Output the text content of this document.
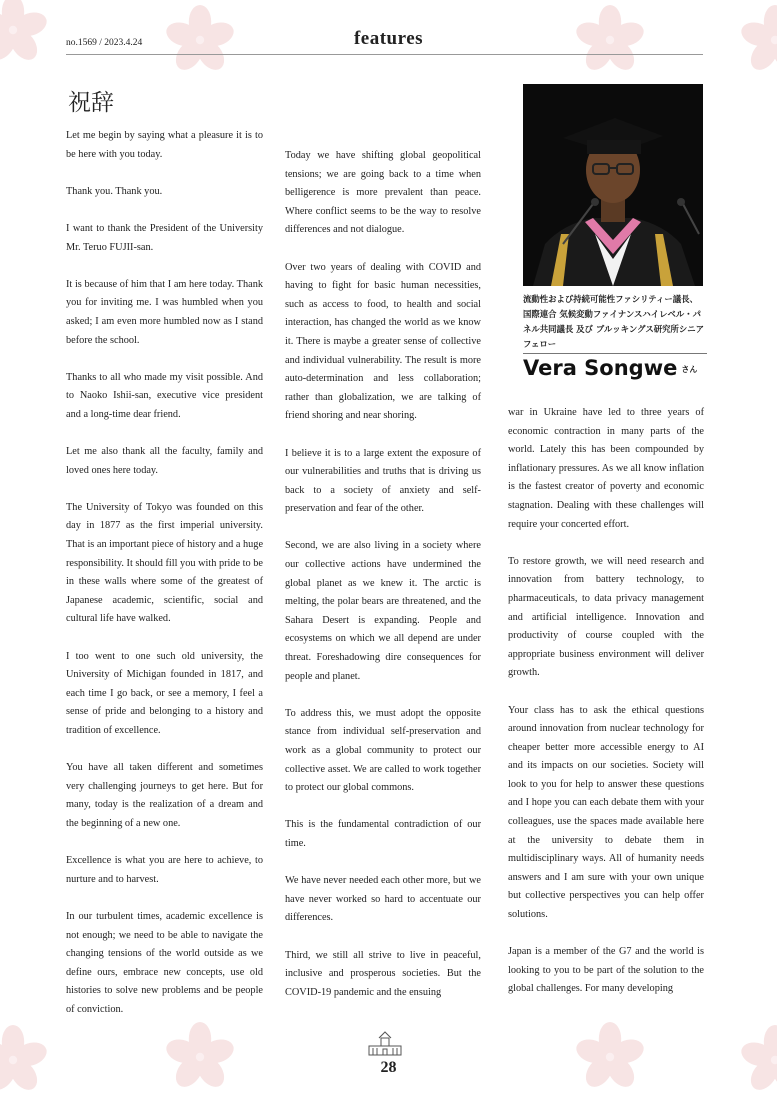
no.1569 / 2023.4.24	features
祝辞

Let me begin by saying what a pleasure it is to be here with you today.

Thank you. Thank you.

I want to thank the President of the University Mr. Teruo FUJII-san.

It is because of him that I am here today. Thank you for inviting me. I was humbled when you asked; I am even more humbled now as I stand before the school.

Thanks to all who made my visit possible. And to Naoko Ishii-san, executive vice president and a long-time dear friend.

Let me also thank all the faculty, family and loved ones here today.

The University of Tokyo was founded on this day in 1877 as the first imperial university. That is an important piece of history and a huge responsibility. It should fill you with pride to be in these walls where some of the greatest of Japanese academic, scientific, social and cultural life have walked.

I too went to one such old university, the University of Michigan founded in 1817, and each time I go back, or see a memory, I feel a sense of pride and belonging to a history and tradition of excellence.

You have all taken different and sometimes very challenging journeys to get here. But for many, today is the realization of a dream and the beginning of a new one.

Excellence is what you are here to achieve, to nurture and to harvest.

In our turbulent times, academic excellence is not enough; we need to be able to navigate the changing tensions of the world outside as we define ours, embrace new concepts, use old histories to solve new problems and be people of conviction.

Today we have shifting global geopolitical tensions; we are going back to a time when belligerence is more prevalent than peace. Where conflict seems to be the way to resolve differences and not dialogue.

Over two years of dealing with COVID and having to fight for basic human necessities, such as access to food, to health and social interaction, has changed the world as we know it. There is maybe a greater sense of collective and individual vulnerability. The result is more auto-determination and less collaboration; rather than globalization, we are talking of friend shoring and near shoring.

I believe it is to a large extent the exposure of our vulnerabilities and truths that is driving us back to a society of anxiety and self-preservation and fear of the other.

Second, we are also living in a society where our collective actions have undermined the global planet as we knew it. The arctic is melting, the polar bears are threatened, and the Sahara Desert is expanding. People and ecosystems on which we all depend are under threat. Foreshadowing dire consequences for people and planet.

To address this, we must adopt the opposite stance from individual self-preservation and work as a global community to protect our collective asset. We are called to work together to protect our global commons.

This is the fundamental contradiction of our time.

We have never needed each other more, but we have never worked so hard to accentuate our differences.

Third, we still all strive to live in peaceful, inclusive and prosperous societies. But the COVID-19 pandemic and the ensuing

流動性および持続可能性ファシリティー議長、国際連合 気候変動ファイナンスハイレベル・パネル共同議長 及び ブルッキングス研究所シニアフェロー
Vera Songwe さん

war in Ukraine have led to three years of economic contraction in many parts of the world. Lately this has been compounded by inflationary pressures. As we all know inflation is the fastest creator of poverty and economic stagnation. Dealing with these challenges will require your concerted effort.

To restore growth, we will need research and innovation from battery technology, to pharmaceuticals, to data privacy management and artificial intelligence. Innovation and productivity of course coupled with the appropriate business environment will deliver growth.

Your class has to ask the ethical questions around innovation from nuclear technology for cheaper better more accessible energy to AI and its impacts on our societies. Society will look to you for help to answer these questions and I hope you can each debate them with your colleagues, use the spaces made available here at the university to debate them in multidisciplinary ways. All of humanity needs answers and I am sure with your own unique but collective perspectives you can help offer solutions.

Japan is a member of the G7 and the world is looking to you to be part of the solution to the global challenges. For many developing

28
